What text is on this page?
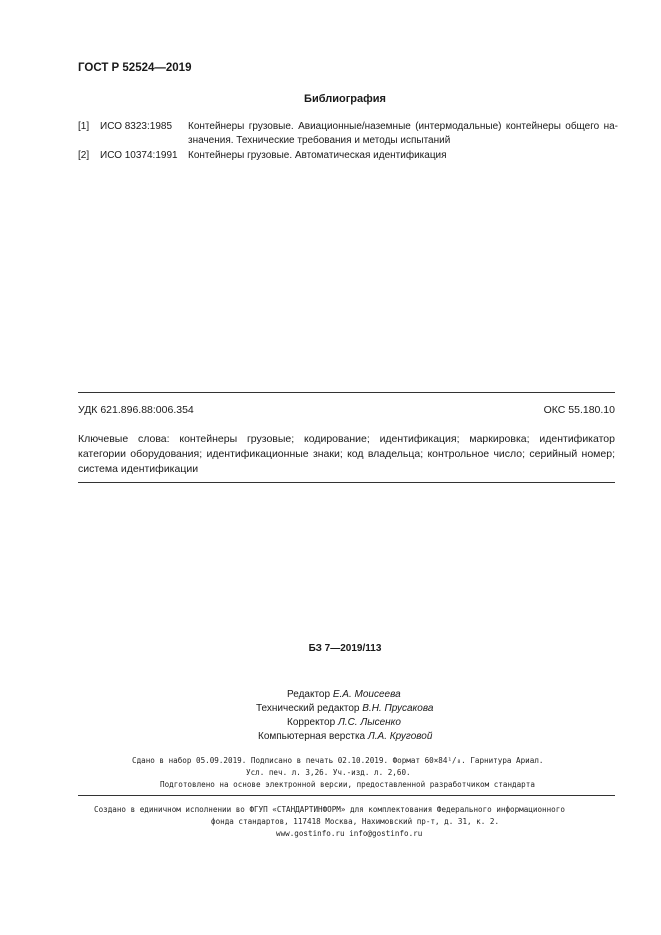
ГОСТ Р 52524—2019
Библиография
[1] ИСО 8323:1985 Контейнеры грузовые. Авиационные/наземные (интермодальные) контейнеры общего на- значения. Технические требования и методы испытаний
[2] ИСО 10374:1991 Контейнеры грузовые. Автоматическая идентификация
УДК 621.896.88:006.354	ОКС 55.180.10
Ключевые слова: контейнеры грузовые; кодирование; идентификация; маркировка; идентификатор категории оборудования; идентификационные знаки; код владельца; контрольное число; серийный номер; система идентификации
БЗ 7—2019/113
Редактор Е.А. Моисеева
Технический редактор В.Н. Прусакова
Корректор Л.С. Лысенко
Компьютерная верстка Л.А. Круговой
Сдано в набор 05.09.2019. Подписано в печать 02.10.2019. Формат 60×84¹/₈. Гарнитура Ариал.
Усл. печ. л. 3,26. Уч.-изд. л. 2,60.
Подготовлено на основе электронной версии, предоставленной разработчиком стандарта
Создано в единичном исполнении во ФГУП «СТАНДАРТИНФОРМ» для комплектования Федерального информационного
фонда стандартов, 117418 Москва, Нахимовский пр-т, д. 31, к. 2.
www.gostinfo.ru info@gostinfo.ru
